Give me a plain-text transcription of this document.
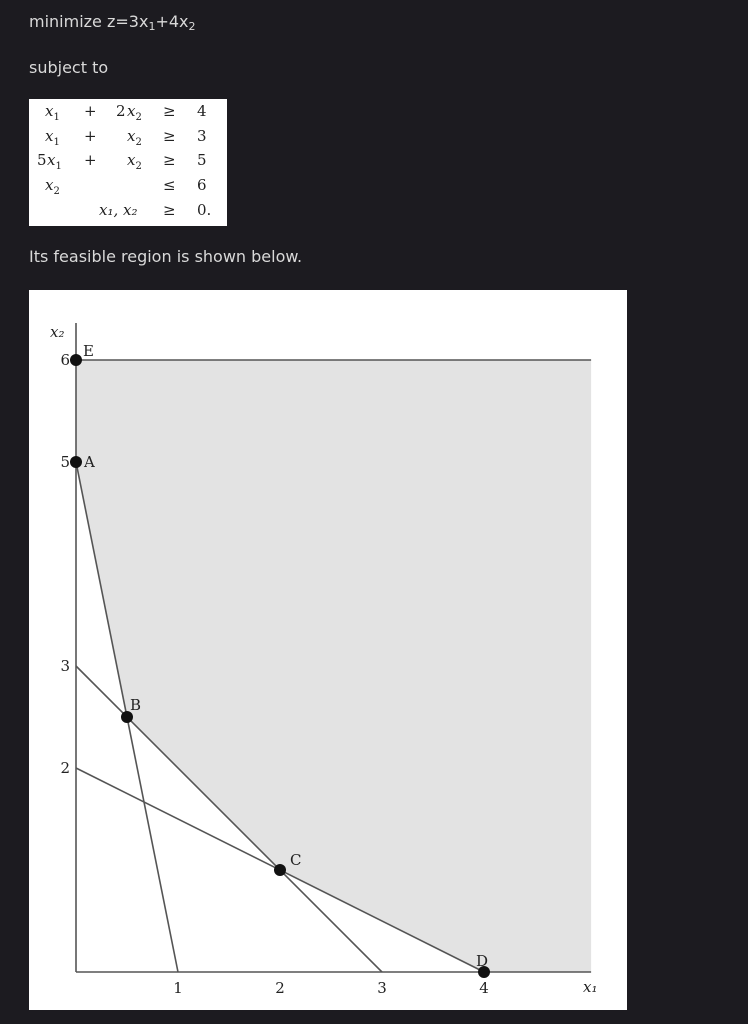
minimize $z=3x_1+4x_2$
subject to
$x_1 + 2$ $x_2 \ge 4$
$x_1 + x_2 \ge 3$
5 $x_1 + x_2 \ge 5$
$x_2$	≤ 6
x₁, x₂ ≥ 0.
Its feasible region is shown below.
x₁
x₂
1	2	3	4
2
3
5
6
A
B
C
D
E
